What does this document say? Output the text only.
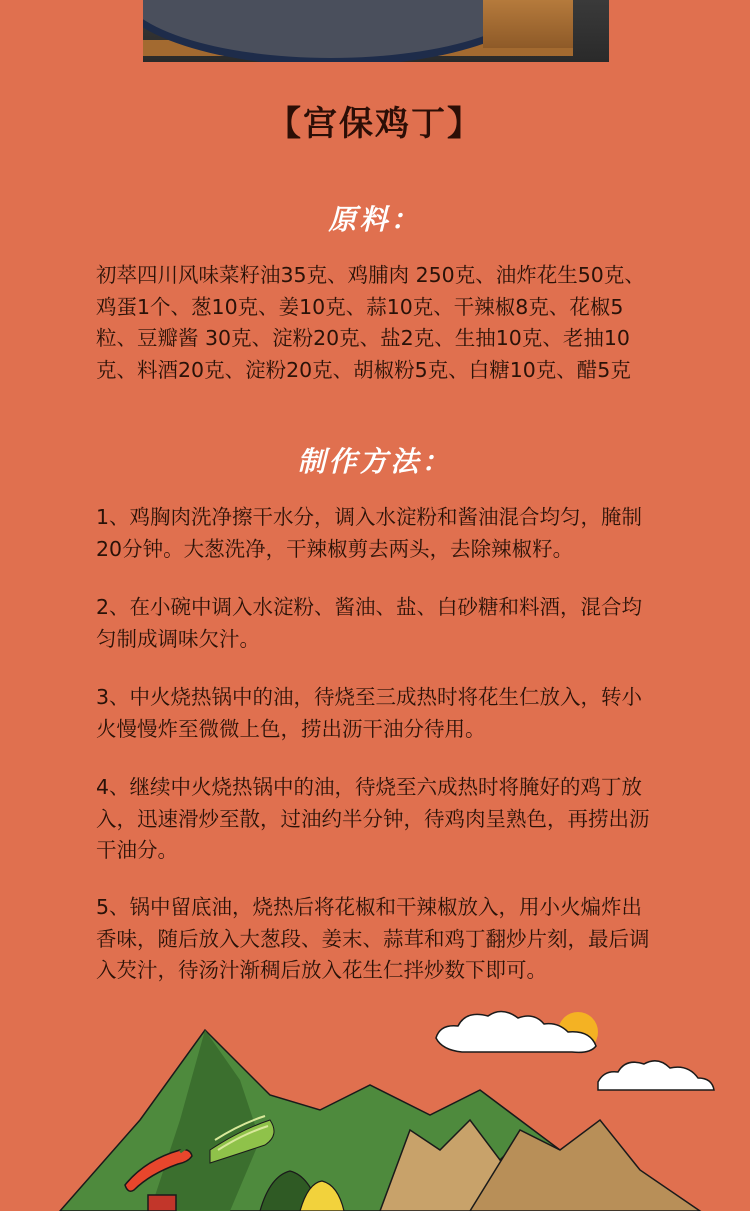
【宫保鸡丁】
原料：
初萃四川风味菜籽油35克、鸡脯肉 250克、油炸花生50克、鸡蛋1个、葱10克、姜10克、蒜10克、干辣椒8克、花椒5粒、豆瓣酱 30克、淀粉20克、盐2克、生抽10克、老抽10克、料酒20克、淀粉20克、胡椒粉5克、白糖10克、醋5克
制作方法：
1、鸡胸肉洗净擦干水分，调入水淀粉和酱油混合均匀，腌制20分钟。大葱洗净，干辣椒剪去两头，去除辣椒籽。
2、在小碗中调入水淀粉、酱油、盐、白砂糖和料酒，混合均匀制成调味欠汁。
3、中火烧热锅中的油，待烧至三成热时将花生仁放入，转小火慢慢炸至微微上色，捞出沥干油分待用。
4、继续中火烧热锅中的油，待烧至六成热时将腌好的鸡丁放入，迅速滑炒至散，过油约半分钟，待鸡肉呈熟色，再捞出沥干油分。
5、锅中留底油，烧热后将花椒和干辣椒放入，用小火煸炸出香味，随后放入大葱段、姜末、蒜茸和鸡丁翻炒片刻，最后调入芡汁，待汤汁渐稠后放入花生仁拌炒数下即可。
